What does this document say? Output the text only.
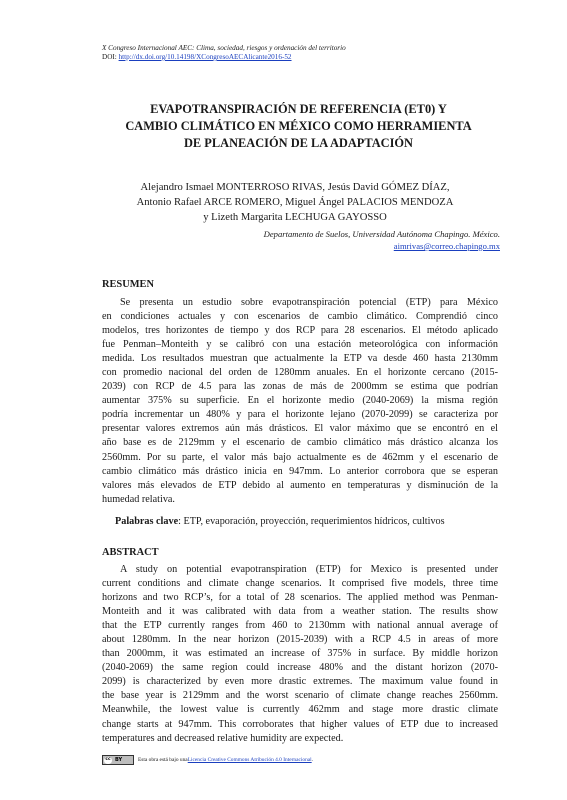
X Congreso Internacional AEC: Clima, sociedad, riesgos y ordenación del territorio
DOI: http://dx.doi.org/10.14198/XCongresoAECAlicante2016-52
EVAPOTRANSPIRACIÓN DE REFERENCIA (ET0) Y
CAMBIO CLIMÁTICO EN MÉXICO COMO HERRAMIENTA
DE PLANEACIÓN DE LA ADAPTACIÓN
Alejandro Ismael MONTERROSO RIVAS, Jesús David GÓMEZ DÍAZ,
Antonio Rafael ARCE ROMERO, Miguel Ángel PALACIOS MENDOZA
y Lizeth Margarita LECHUGA GAYOSSO
Departamento de Suelos, Universidad Autónoma Chapingo. México.
aimrivas@correo.chapingo.mx
RESUMEN
Se presenta un estudio sobre evapotranspiración potencial (ETP) para México
en condiciones actuales y con escenarios de cambio climático. Comprendió cinco
modelos, tres horizontes de tiempo y dos RCP para 28 escenarios. El método aplicado
fue Penman–Monteith y se calibró con una estación meteorológica con información
medida. Los resultados muestran que actualmente la ETP va desde 460 hasta 2130mm
con promedio nacional del orden de 1280mm anuales. En el horizonte cercano (2015-
2039) con RCP de 4.5 para las zonas de más de 2000mm se estima que podrían
aumentar 375% su superficie. En el horizonte medio (2040-2069) la misma región
podría incrementar un 480% y para el horizonte lejano (2070-2099) se caracteriza por
presentar valores extremos aún más drásticos. El valor máximo que se encontró en el
año base es de 2129mm y el escenario de cambio climático más drástico alcanza los
2560mm. Por su parte, el valor más bajo actualmente es de 462mm y el escenario de
cambio climático más drástico inicia en 947mm. Lo anterior corrobora que se esperan
valores más elevados de ETP debido al aumento en temperaturas y disminución de la
humedad relativa.
Palabras clave: ETP, evaporación, proyección, requerimientos hídricos, cultivos
ABSTRACT
A study on potential evapotranspiration (ETP) for Mexico is presented under
current conditions and climate change scenarios. It comprised five models, three time
horizons and two RCP’s, for a total of 28 scenarios. The applied method was Penman-
Monteith and it was calibrated with data from a weather station. The results show
that the ETP currently ranges from 460 to 2130mm with national annual average of
about 1280mm. In the near horizon (2015-2039) with a RCP 4.5 in areas of more
than 2000mm, it was estimated an increase of 375% in surface. By middle horizon
(2040-2069) the same region could increase 480% and the distant horizon (2070-
2099) is characterized by even more drastic extremes. The maximum value found in
the base year is 2129mm and the worst scenario of climate change reaches 2560mm.
Meanwhile, the lowest value is currently 462mm and stage more drastic climate
change starts at 947mm. This corroborates that higher values of ETP due to increased
temperatures and decreased relative humidity are expected.
cc BY	Esta obra está bajo una Licencia Creative Commons Atribución 4.0 Internacional .
